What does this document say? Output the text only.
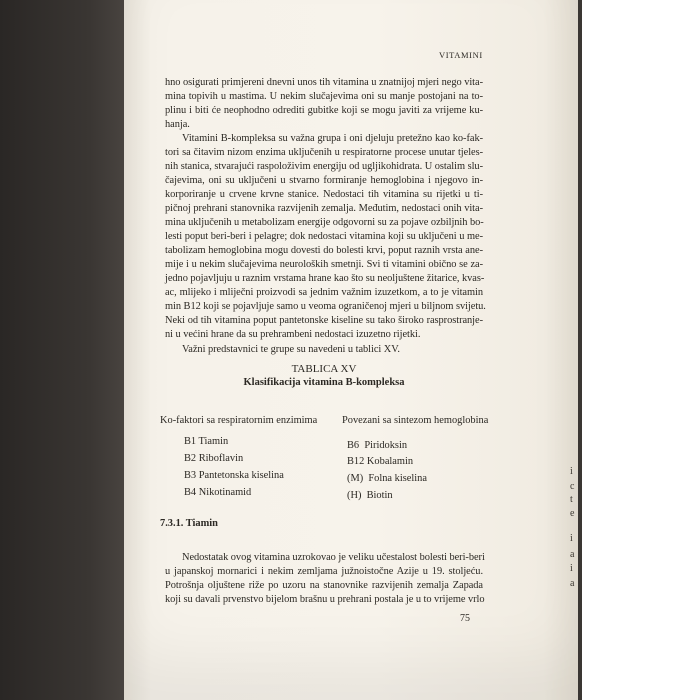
VITAMINI
hno osigurati primjereni dnevni unos tih vitamina u znatnijoj mjeri nego vita-
mina topivih u mastima. U nekim slučajevima oni su manje postojani na to-
plinu i biti će neophodno odrediti gubitke koji se mogu javiti za vrijeme ku-
hanja.
Vitamini B-kompleksa su važna grupa i oni djeluju pretežno kao ko-fak-
tori sa čitavim nizom enzima uključenih u respiratorne procese unutar tjeles-
nih stanica, stvarajući raspoloživim energiju od ugljikohidrata. U ostalim slu-
čajevima, oni su uključeni u stvarno formiranje hemoglobina i njegovo in-
korporiranje u crvene krvne stanice. Nedostaci tih vitamina su rijetki u ti-
pičnoj prehrani stanovnika razvijenih zemalja. Međutim, nedostaci onih vita-
mina uključenih u metabolizam energije odgovorni su za pojave ozbiljnih bo-
lesti poput beri-beri i pelagre; dok nedostaci vitamina koji su uključeni u me-
tabolizam hemoglobina mogu dovesti do bolesti krvi, poput raznih vrsta ane-
mije i u nekim slučajevima neuroloških smetnji. Svi ti vitamini obično se za-
jedno pojavljuju u raznim vrstama hrane kao što su neoljuštene žitarice, kvas-
ac, mlijeko i mliječni proizvodi sa jednim važnim izuzetkom, a to je vitamin
min B12 koji se pojavljuje samo u veoma ograničenoj mjeri u biljnom svijetu.
Neki od tih vitamina poput pantetonske kiseline su tako široko rasprostranje-
ni u većini hrane da su prehrambeni nedostaci izuzetno rijetki.
Važni predstavnici te grupe su navedeni u tablici XV.
TABLICA XV
Klasifikacija vitamina B-kompleksa
Ko-faktori sa respiratornim enzimima Povezani sa sintezom hemoglobina
B1 Tiamin
B2 Riboflavin
B3 Pantetonska kiselina
B4 Nikotinamid
B6  Piridoksin
B12 Kobalamin
(M)  Folna kiselina
(H)  Biotin
7.3.1. Tiamin
Nedostatak ovog vitamina uzrokovao je veliku učestalost bolesti beri-beri
u japanskoj mornarici i nekim zemljama južnoistočne Azije u 19. stoljeću.
Potrošnja oljuštene riže po uzoru na stanovnike razvijenih zemalja Zapada
koji su davali prvenstvo bijelom brašnu u prehrani postala je u to vrijeme vrlo
75
i
c
t
e
i
a
i
a
